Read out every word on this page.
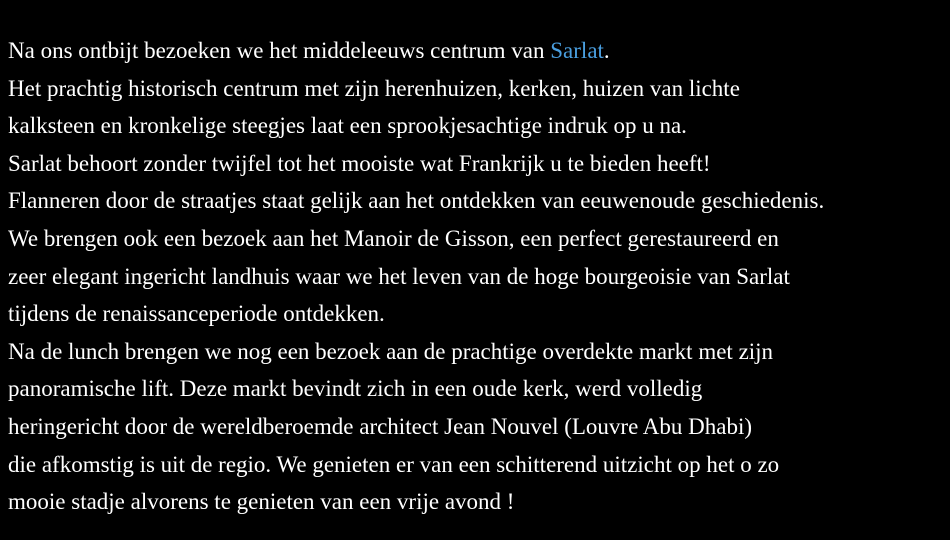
Na ons ontbijt bezoeken we het middeleeuws centrum van Sarlat.
Het prachtig historisch centrum met zijn herenhuizen, kerken, huizen van lichte
kalksteen en kronkelige steegjes laat een sprookjesachtige indruk op u na.
Sarlat behoort zonder twijfel tot het mooiste wat Frankrijk u te bieden heeft!
Flanneren door de straatjes staat gelijk aan het ontdekken van eeuwenoude geschiedenis.
We brengen ook een bezoek aan het Manoir de Gisson, een perfect gerestaureerd en
zeer elegant ingericht landhuis waar we het leven van de hoge bourgeoisie van Sarlat
tijdens de renaissanceperiode ontdekken.
Na de lunch brengen we nog een bezoek aan de prachtige overdekte markt met zijn
panoramische lift. Deze markt bevindt zich in een oude kerk, werd volledig
heringericht door de wereldberoemde architect Jean Nouvel (Louvre Abu Dhabi)
die afkomstig is uit de regio. We genieten er van een schitterend uitzicht op het o zo
mooie stadje alvorens te genieten van een vrije avond !
